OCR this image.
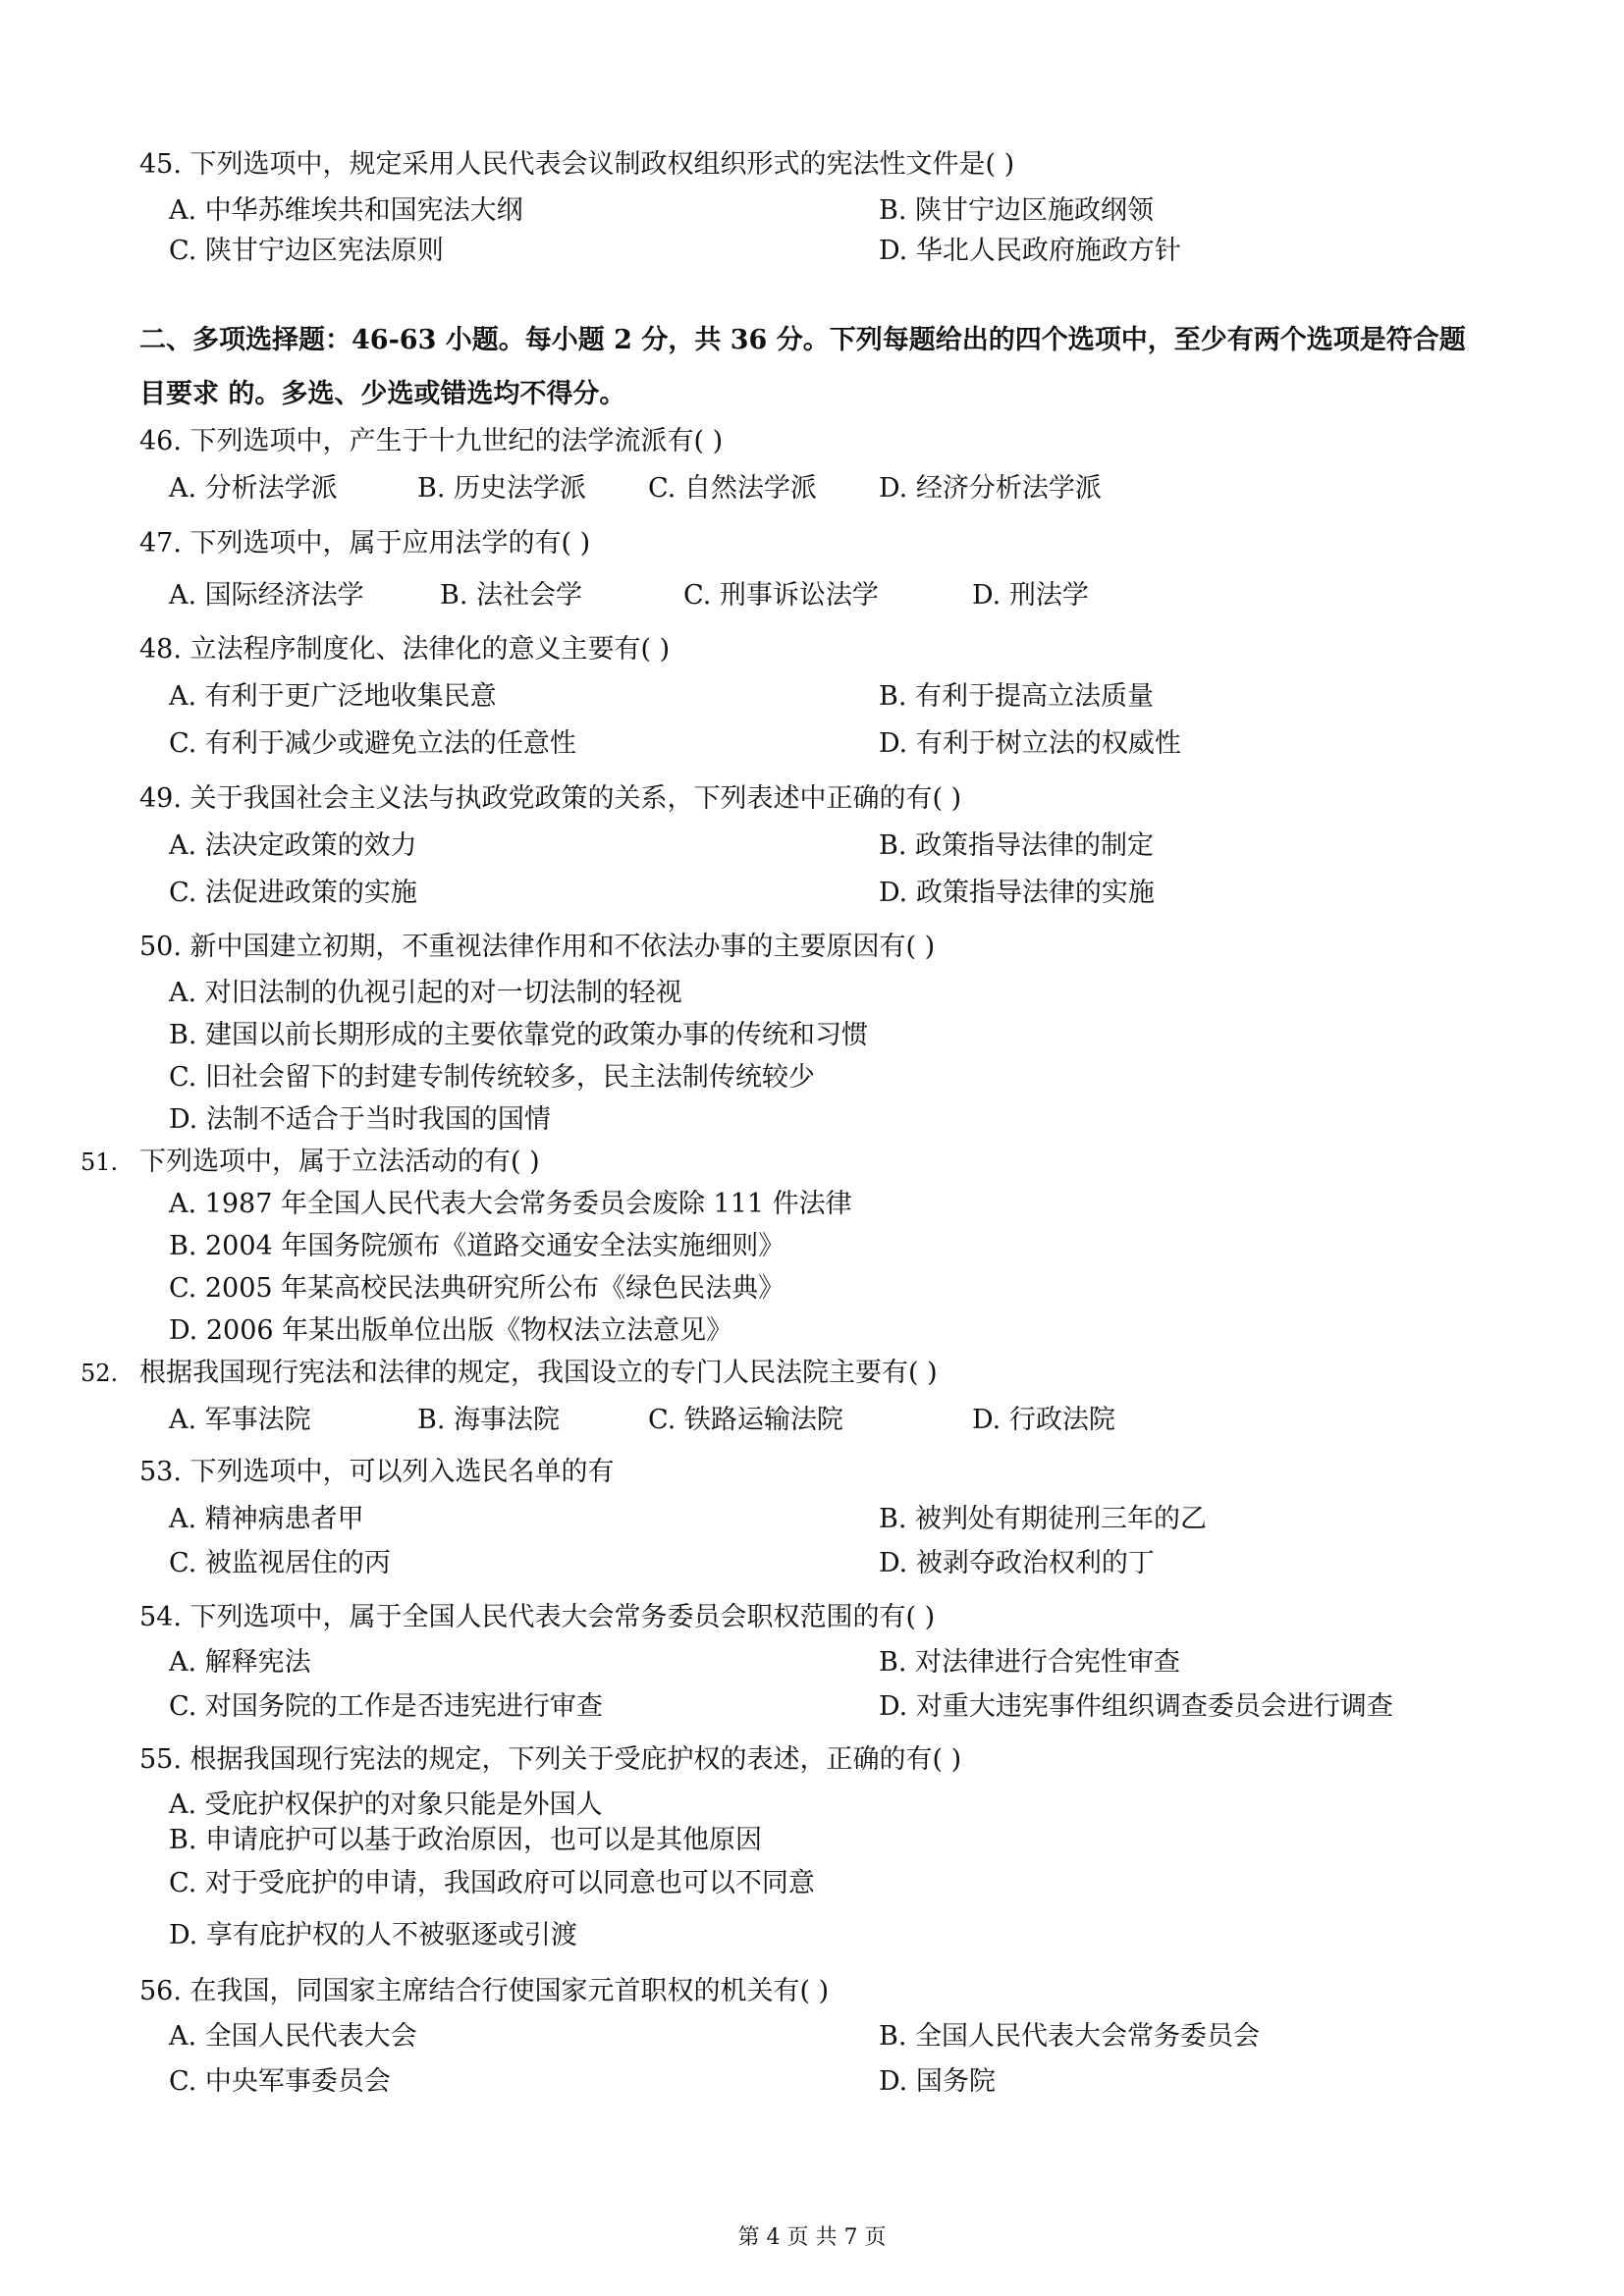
45. 下列选项中，规定采用人民代表会议制政权组织形式的宪法性文件是( )
A. 中华苏维埃共和国宪法大纲	B. 陕甘宁边区施政纲领
C. 陕甘宁边区宪法原则	D. 华北人民政府施政方针
二、多项选择题：46-63 小题。每小题 2 分，共 36 分。下列每题给出的四个选项中，至少有两个选项是符合题
目要求 的。多选、少选或错选均不得分。
46. 下列选项中，产生于十九世纪的法学流派有( )
A. 分析法学派	B. 历史法学派 C. 自然法学派 D. 经济分析法学派
47. 下列选项中，属于应用法学的有( )
A. 国际经济法学	B. 法社会学	C. 刑事诉讼法学	D. 刑法学
48. 立法程序制度化、法律化的意义主要有( )
A. 有利于更广泛地收集民意	B. 有利于提高立法质量
C. 有利于减少或避免立法的任意性	D. 有利于树立法的权威性
49. 关于我国社会主义法与执政党政策的关系，下列表述中正确的有( )
A. 法决定政策的效力	B. 政策指导法律的制定
C. 法促进政策的实施	D. 政策指导法律的实施
50. 新中国建立初期，不重视法律作用和不依法办事的主要原因有( )
A. 对旧法制的仇视引起的对一切法制的轻视
B. 建国以前长期形成的主要依靠党的政策办事的传统和习惯
C. 旧社会留下的封建专制传统较多，民主法制传统较少
D. 法制不适合于当时我国的国情
51. 下列选项中，属于立法活动的有( )
A. 1987 年全国人民代表大会常务委员会废除 111 件法律
B. 2004 年国务院颁布《道路交通安全法实施细则》
C. 2005 年某高校民法典研究所公布《绿色民法典》
D. 2006 年某出版单位出版《物权法立法意见》
52. 根据我国现行宪法和法律的规定，我国设立的专门人民法院主要有( )
A. 军事法院	B. 海事法院	C. 铁路运输法院	D. 行政法院
53. 下列选项中，可以列入选民名单的有
A. 精神病患者甲	B. 被判处有期徒刑三年的乙
C. 被监视居住的丙	D. 被剥夺政治权利的丁
54. 下列选项中，属于全国人民代表大会常务委员会职权范围的有( )
A. 解释宪法	B. 对法律进行合宪性审查
C. 对国务院的工作是否违宪进行审查	D. 对重大违宪事件组织调查委员会进行调查
55. 根据我国现行宪法的规定，下列关于受庇护权的表述，正确的有( )
A. 受庇护权保护的对象只能是外国人
B. 申请庇护可以基于政治原因，也可以是其他原因
C. 对于受庇护的申请，我国政府可以同意也可以不同意
D. 享有庇护权的人不被驱逐或引渡
56. 在我国，同国家主席结合行使国家元首职权的机关有( )
A. 全国人民代表大会	B. 全国人民代表大会常务委员会
C. 中央军事委员会	D. 国务院
第 4 页 共 7 页
